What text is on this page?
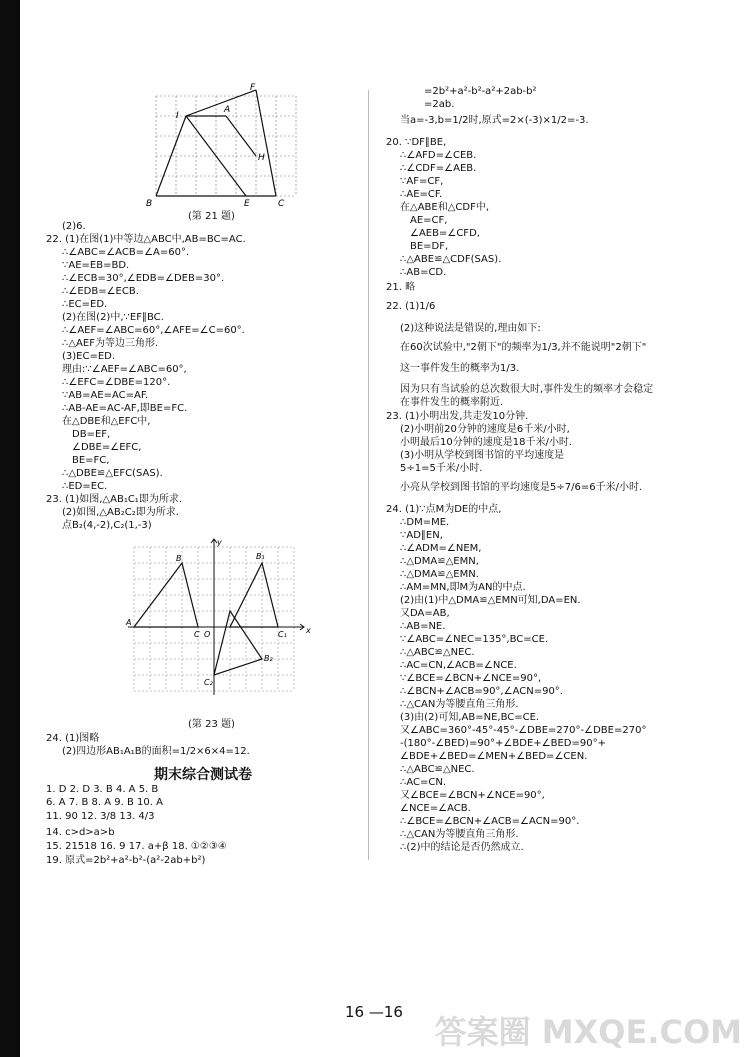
F
I
A
H
B	E	C
(第 21 题)
(2)6.
22. (1)在图(1)中等边△ABC中,AB=BC=AC.
∴∠ABC=∠ACB=∠A=60°.
∵AE=EB=BD.
∴∠ECB=30°,∠EDB=∠DEB=30°.
∴∠EDB=∠ECB.
∴EC=ED.
(2)在图(2)中,∵EF∥BC.
∴∠AEF=∠ABC=60°,∠AFE=∠C=60°.
∴△AEF为等边三角形.
(3)EC=ED.
理由:∵∠AEF=∠ABC=60°,
∴∠EFC=∠DBE=120°.
∵AB=AE=AC=AF.
∴AB-AE=AC-AF,即BE=FC.
在△DBE和△EFC中,
DB=EF,
∠DBE=∠EFC,
BE=FC,
∴△DBE≌△EFC(SAS).
∴ED=EC.
23. (1)如图,△AB₁C₁即为所求.
(2)如图,△AB₂C₂即为所求.
点B₂(4,-2),C₂(1,-3)
y
x
O
A
B
C
B₁
C₁
B₂
C₂
(第 23 题)
24. (1)图略
(2)四边形AB₁A₁B的面积=1/2×6×4=12.
期末综合测试卷
1. D 2. D 3. B 4. A 5. B
6. A 7. B 8. A 9. B 10. A
11. 90 12. 3/8 13. 4/3
14. c>d>a>b
15. 21518 16. 9 17. a+β 18. ①②③④
19. 原式=2b²+a²-b²-(a²-2ab+b²)
=2b²+a²-b²-a²+2ab-b²
=2ab.
当a=-3,b=1/2时,原式=2×(-3)×1/2=-3.
20. ∵DF∥BE,
∴∠AFD=∠CEB.
∴∠CDF=∠AEB.
∵AF=CF,
∴AE=CF.
在△ABE和△CDF中,
AE=CF,
∠AEB=∠CFD,
BE=DF,
∴△ABE≌△CDF(SAS).
∴AB=CD.
21. 略
22. (1)1/6
(2)这种说法是错误的,理由如下:
在60次试验中,"2朝下"的频率为1/3,并不能说明"2朝下"
这一事件发生的概率为1/3.
因为只有当试验的总次数很大时,事件发生的频率才会稳定
在事件发生的概率附近.
23. (1)小明出发,共走发10分钟.
(2)小明前20分钟的速度是6千米/小时,
小明最后10分钟的速度是18千米/小时.
(3)小明从学校到图书馆的平均速度是
5÷1=5千米/小时.
小亮从学校到图书馆的平均速度是5÷7/6=6千米/小时.
24. (1)∵点M为DE的中点,
∴DM=ME.
∵AD∥EN,
∴∠ADM=∠NEM,
∴△DMA≌△EMN,
∴△DMA≌△EMN.
∴AM=MN,即M为AN的中点.
(2)由(1)中△DMA≌△EMN可知,DA=EN.
又DA=AB,
∴AB=NE.
∵∠ABC=∠NEC=135°,BC=CE.
∴△ABC≌△NEC.
∴AC=CN,∠ACB=∠NCE.
∵∠BCE=∠BCN+∠NCE=90°,
∴∠BCN+∠ACB=90°,∠ACN=90°.
∴△CAN为等腰直角三角形.
(3)由(2)可知,AB=NE,BC=CE.
又∠ABC=360°-45°-45°-∠DBE=270°-∠DBE=270°
-(180°-∠BED)=90°+∠BDE+∠BED=90°+
∠BDE+∠BED=∠MEN+∠BED=∠CEN.
∴△ABC≌△NEC.
∴AC=CN.
又∠BCE=∠BCN+∠NCE=90°,
∠NCE=∠ACB.
∴∠BCE=∠BCN+∠ACB=∠ACN=90°.
∴△CAN为等腰直角三角形.
∴(2)中的结论是否仍然成立.
16 —16
答案圈 MXQE.COM
